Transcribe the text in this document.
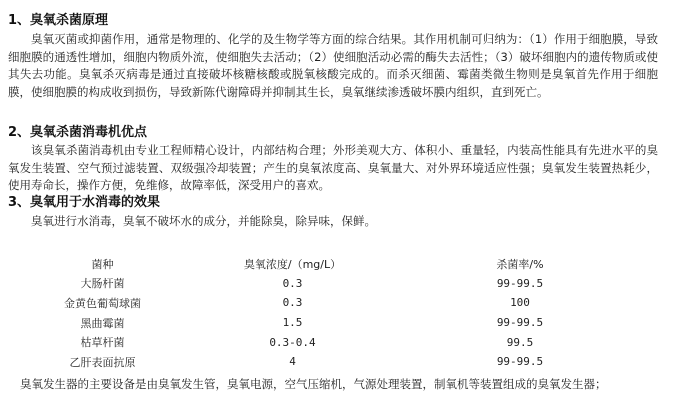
1、臭氧杀菌原理

臭氧灭菌或抑菌作用，通常是物理的、化学的及生物学等方面的综合结果。其作用机制可归纳为：（1）作用于细胞膜，导致细胞膜的通透性增加，细胞内物质外流，使细胞失去活动；（2）使细胞活动必需的酶失去活性；（3）破坏细胞内的遗传物质或使其失去功能。臭氧杀灭病毒是通过直接破坏核糖核酸或脱氧核酸完成的。而杀灭细菌、霉菌类微生物则是臭氧首先作用于细胞膜，使细胞膜的构成收到损伤，导致新陈代谢障碍并抑制其生长，臭氧继续渗透破坏膜内组织，直到死亡。

2、臭氧杀菌消毒机优点

该臭氧杀菌消毒机由专业工程师精心设计，内部结构合理；外形美观大方、体积小、重量轻，内装高性能具有先进水平的臭氧发生装置、空气预过滤装置、双级强冷却装置；产生的臭氧浓度高、臭氧量大、对外界环境适应性强；臭氧发生装置热耗少，使用寿命长，操作方便，免维修，故障率低，深受用户的喜欢。

3、臭氧用于水消毒的效果

臭氧进行水消毒，臭氧不破坏水的成分，并能除臭，除异味，保鲜。

菌种	臭氧浓度/（mg/L）	杀菌率/%
大肠杆菌	0.3	99-99.5
金黄色葡萄球菌	0.3	100
黑曲霉菌	1.5	99-99.5
枯草杆菌	0.3-0.4	99.5
乙肝表面抗原	4	99-99.5
臭氧发生器的主要设备是由臭氧发生管，臭氧电源，空气压缩机，气源处理装置，制氧机等装置组成的臭氧发生器；
